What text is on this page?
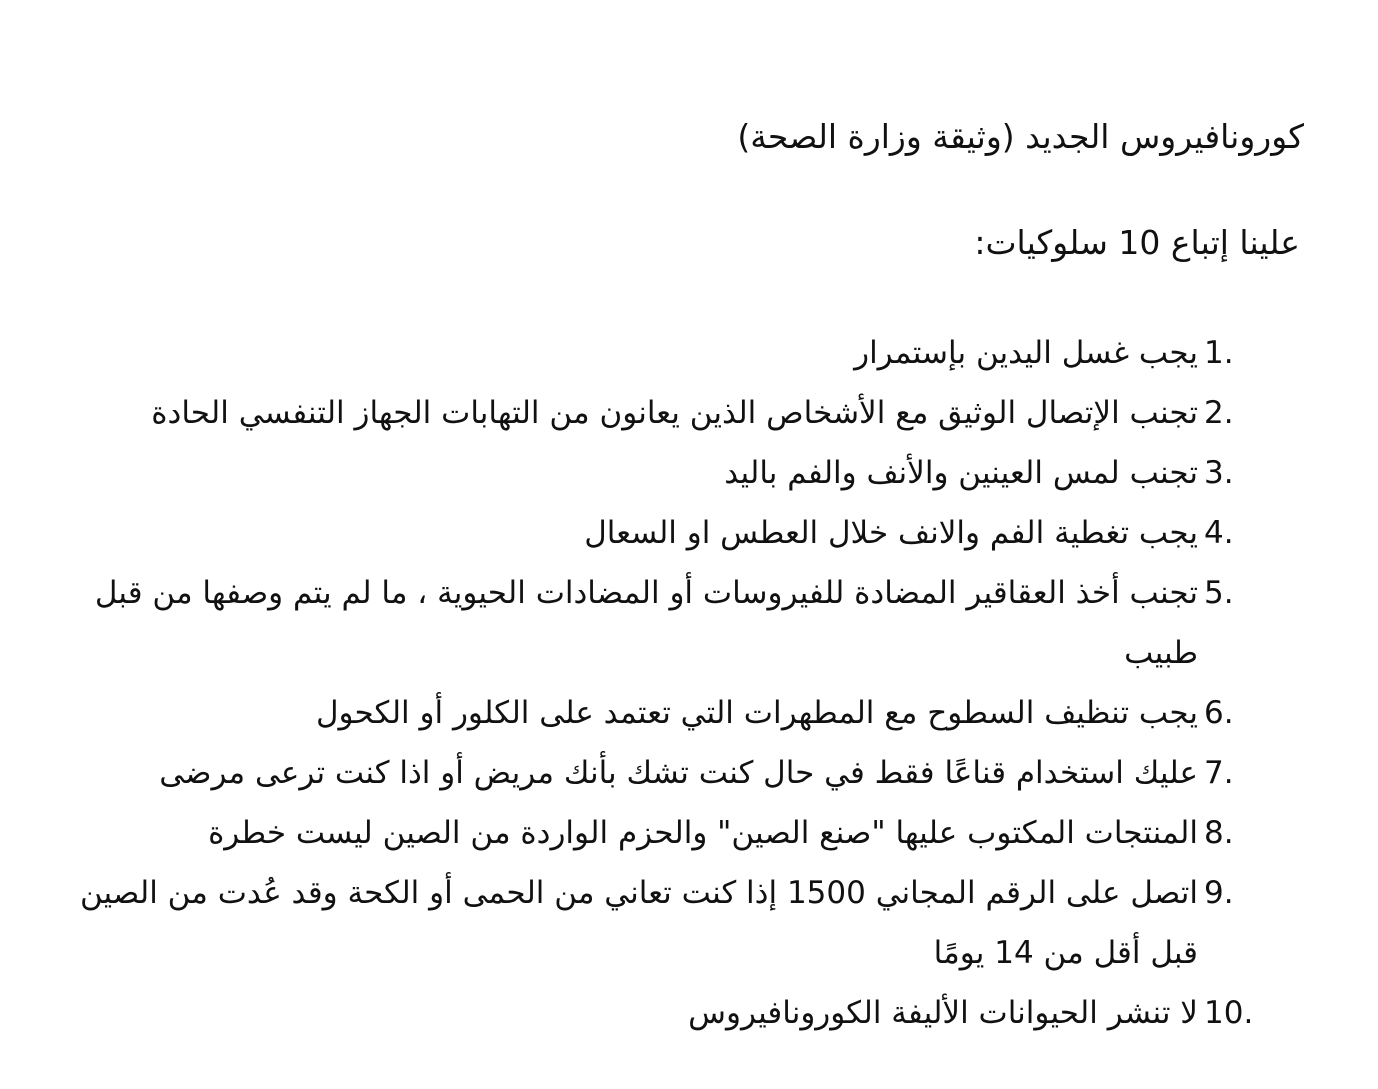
كورونافيروس الجديد (وثيقة وزارة الصحة)
علينا إتباع 10 سلوكيات:
1.
يجب غسل اليدين بإستمرار
2.
تجنب الإتصال الوثيق مع الأشخاص الذين يعانون من التهابات الجهاز التنفسي الحادة
3.
تجنب لمس العينين والأنف والفم باليد
4.
يجب تغطية الفم والانف خلال العطس او السعال
5.
تجنب أخذ العقاقير المضادة للفيروسات أو المضادات الحيوية ، ما لم يتم وصفها من قبل طبيب
6.
يجب تنظيف السطوح مع المطهرات التي تعتمد على الكلور أو الكحول
7.
عليك استخدام قناعًا فقط في حال كنت تشك بأنك مريض أو اذا كنت ترعى مرضى
8.
المنتجات المكتوب عليها "صنع الصين" والحزم الواردة من الصين ليست خطرة
9.
اتصل على الرقم المجاني 1500 إذا كنت تعاني من الحمى أو الكحة وقد عُدت من الصين قبل أقل من 14 يومًا
10.
لا تنشر الحيوانات الأليفة الكورونافيروس
